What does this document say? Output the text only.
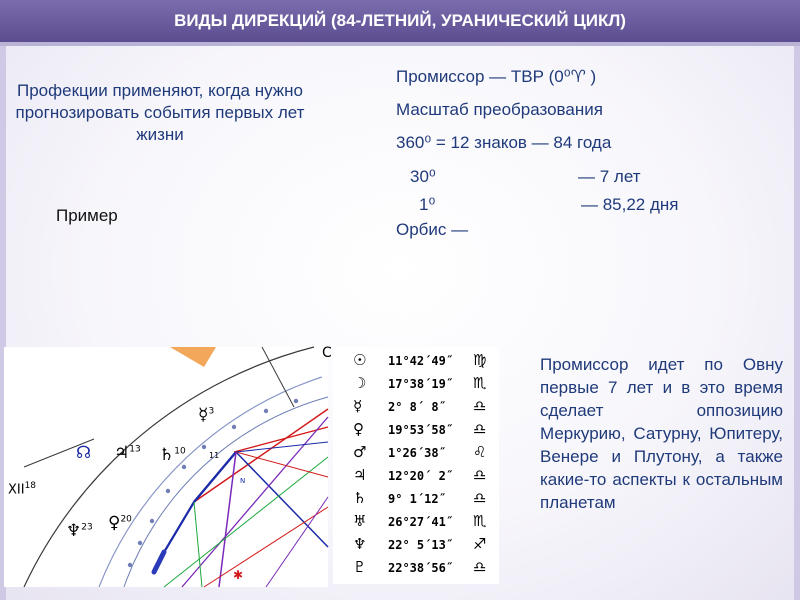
ВИДЫ ДИРЕКЦИЙ (84-ЛЕТНИЙ, УРАНИЧЕСКИЙ ЦИКЛ)
Профекции применяют, когда нужно прогнозировать события первых лет жизни
Пример
Промиссор — ТВР (0⁰♈ )
Масштаб преобразования
360⁰ = 12 знаков — 84 года
30⁰	— 7 лет
1⁰	— 85,22 дня
Орбис —
Промиссор идет по Овну первые 7 лет и в это время сделает оппозицию Меркурию, Сатурну, Юпитеру, Венере и Плутону, а также какие-то аспекты к остальным планетам
✱
N
C
☊ ♃$^{13}$ ♄$^{10}$
☿$^3$
♆$^{23}$ ♀$^{20}$
XII$^{18}$
11
☉ 11°42´49˝ ♍
☽ 17°38´19˝ ♏
☿ 2° 8´ 8˝ ♎
♀ 19°53´58˝ ♎
♂ 1°26´38˝ ♌
♃ 12°20´ 2˝ ♎
♄ 9° 1´12˝ ♎
♅ 26°27´41˝ ♏
♆ 22° 5´13˝ ♐
♇ 22°38´56˝ ♎
